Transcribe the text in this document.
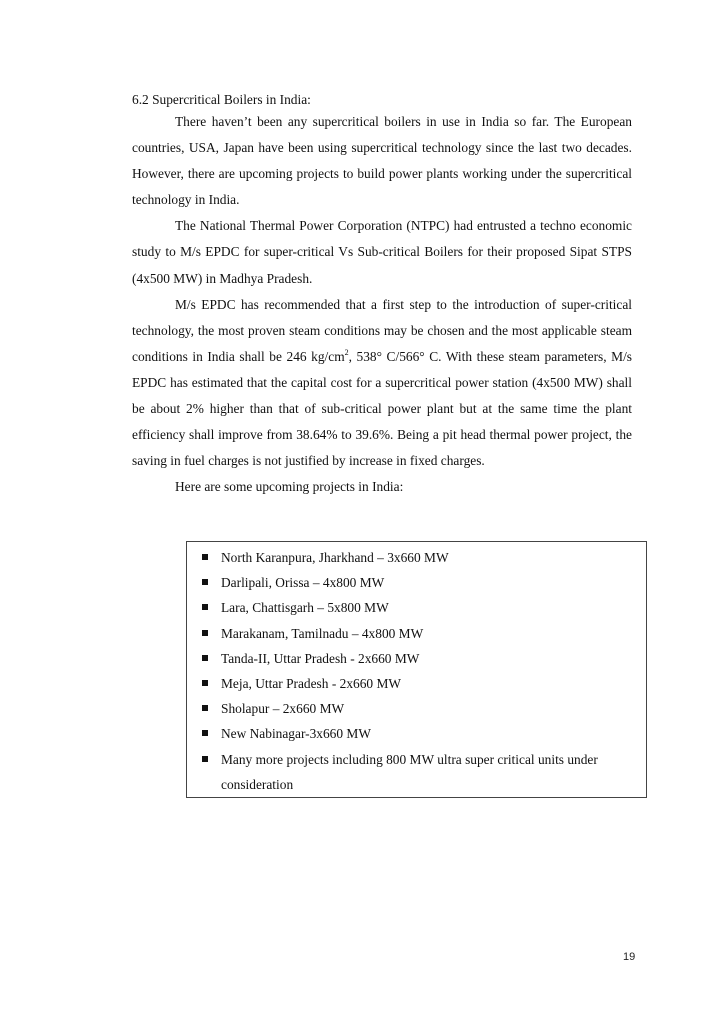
6.2 Supercritical Boilers in India:

There haven’t been any supercritical boilers in use in India so far. The European countries, USA, Japan have been using supercritical technology since the last two decades. However, there are upcoming projects to build power plants working under the supercritical technology in India.

The National Thermal Power Corporation (NTPC) had entrusted a techno economic study to M/s EPDC for super-critical Vs Sub-critical Boilers for their proposed Sipat STPS (4x500 MW) in Madhya Pradesh.

M/s EPDC has recommended that a first step to the introduction of super-critical technology, the most proven steam conditions may be chosen and the most applicable steam conditions in India shall be 246 $kg/cm^2$, 538° C/566° C. With these steam parameters, M/s EPDC has estimated that the capital cost for a supercritical power station (4x500 MW) shall be about 2% higher than that of sub-critical power plant but at the same time the plant efficiency shall improve from 38.64% to 39.6%. Being a pit head thermal power project, the saving in fuel charges is not justified by increase in fixed charges.

Here are some upcoming projects in India:

North Karanpura, Jharkhand – 3x660 MW
Darlipali, Orissa – 4x800 MW
Lara, Chattisgarh – 5x800 MW
Marakanam, Tamilnadu – 4x800 MW
Tanda-II, Uttar Pradesh - 2x660 MW
Meja, Uttar Pradesh - 2x660 MW
Sholapur – 2x660 MW
New Nabinagar-3x660 MW
Many more projects including 800 MW ultra super critical units under consideration
19
